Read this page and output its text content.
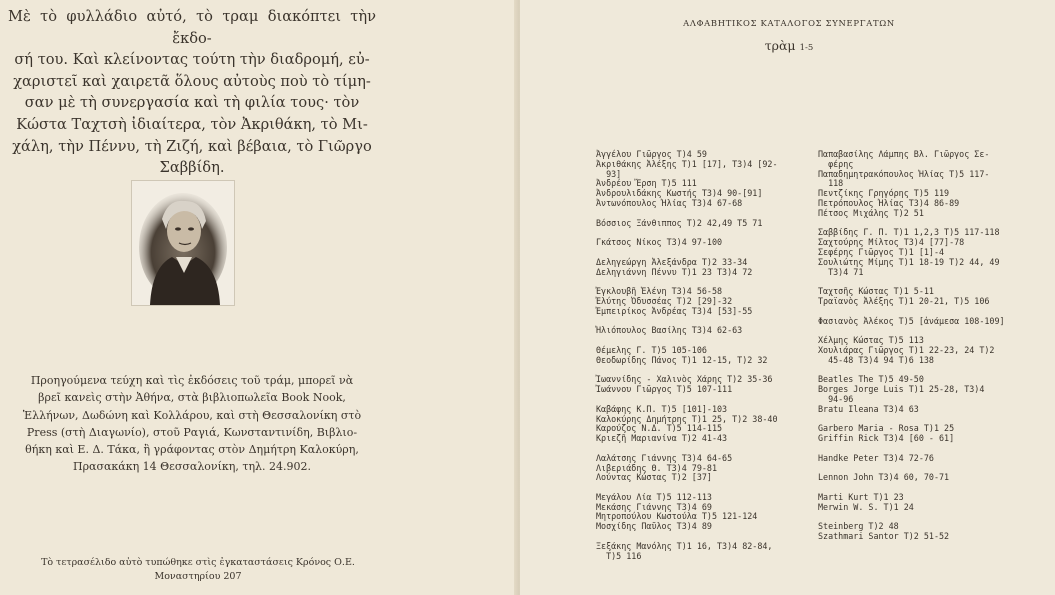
Μὲ τὸ φυλλάδιο αὐτό, τὸ τραμ διακόπτει τὴν ἔκδο-
σή του. Καὶ κλείνοντας τούτη τὴν διαδρομή, εὐ-
χαριστεῖ καὶ χαιρετᾶ ὅλους αὐτοὺς ποὺ τὸ τίμη-
σαν μὲ τὴ συνεργασία καὶ τὴ φιλία τους· τὸν
Κώστα Ταχτσὴ ἰδιαίτερα, τὸν Ἀκριθάκη, τὸ Μι-
χάλη, τὴν Πέννυ, τὴ Ζιζή, καὶ βέβαια, τὸ Γιῶργο
Σαββίδη.

Προηγούμενα τεύχη καὶ τὶς ἐκδόσεις τοῦ τράμ, μπορεῖ νὰ
βρεῖ κανεὶς στὴν Ἀθήνα, στὰ βιβλιοπωλεῖα Book Nook,
Ἑλλήνων, Δωδώνη καὶ Κολλάρου, καὶ στὴ Θεσσαλονίκη στὸ
Press (στὴ Διαγωνίο), στοῦ Ραγιά, Κωνσταντινίδη, Βιβλιο-
θήκη καὶ Ε. Δ. Τάκα, ἢ γράφοντας στὸν Δημήτρη Καλοκύρη,
Πρασακάκη 14 Θεσσαλονίκη, τηλ. 24.902.

Τὸ τετρασέλιδο αὐτὸ τυπώθηκε στὶς ἐγκαταστάσεις Κρόνος Ο.Ε.
Μοναστηρίου 207

ΑΛΦΑΒΗΤΙΚΟΣ ΚΑΤΑΛΟΓΟΣ ΣΥΝΕΡΓΑΤΩΝ
τρὰμ 1-5
Ἀγγέλου Γιῶργος Τ)4 59
Ἀκριθάκης Ἀλέξης Τ)1 [17], Τ3)4 [92-
93]
Ἀνδρέου Ἔρση Τ)5 111
Ἀνδρουλιδάκης Κωστής Τ3)4 90-[91]
Ἀντωνόπουλος Ἠλίας Τ3)4 67-68
Βόσσιος Ξάνθιππος Τ)2 42,49 Τ5 71
Γκάτσος Νίκος Τ3)4 97-100
Δεληγεώργη Ἀλεξάνδρα Τ)2 33-34
Δεληγιάννη Πέννυ Τ)1 23 Τ3)4 72
Ἐγκλουβῆ Ἑλένη Τ3)4 56-58
Ἐλύτης Ὀδυσσέας Τ)2 [29]-32
Ἐμπειρίκος Ἀνδρέας Τ3)4 [53]-55
Ἠλιόπουλος Βασίλης Τ3)4 62-63
Θέμελης Γ. Τ)5 105-106
Θεοδωρίδης Πάνος Τ)1 12-15, Τ)2 32
Ἰωαννίδης - Χαλινὸς Χάρης Τ)2 35-36
Ἰωάννου Γιῶργος Τ)5 107-111
Καβάφης Κ.Π. Τ)5 [101]-103
Καλοκύρης Δημήτρης Τ)1 25, Τ)2 38-40
Καρούζος Ν.Δ. Τ)5 114-115
Κριεζῆ Μαριανίνα Τ)2 41-43
Λαλάτσης Γιάννης Τ3)4 64-65
Λιβεριάδης Θ. Τ3)4 79-81
Λούντας Κώστας Τ)2 [37]
Μεγάλου Λία Τ)5 112-113
Μεκάσης Γιάννης Τ3)4 69
Μητροπούλου Κωστούλα Τ)5 121-124
Μοσχίδης Παῦλος Τ3)4 89
Ξεξάκης Μανόλης Τ)1 16, Τ3)4 82-84,
Τ)5 116
Παπαβασίλης Λάμπης Βλ. Γιῶργος Σε-
φέρης
Παπαδημητρακόπουλος Ἠλίας Τ)5 117-
118
Πεντζίκης Γρηγόρης Τ)5 119
Πετρόπουλος Ἠλίας Τ3)4 86-89
Πέτσος Μιχάλης Τ)2 51
Σαββίδης Γ. Π. Τ)1 1,2,3 Τ)5 117-118
Σαχτούρης Μίλτος Τ3)4 [77]-78
Σεφέρης Γιῶργος Τ)1 [1]-4
Σουλιώτης Μίμης Τ)1 18-19 Τ)2 44, 49
Τ3)4 71
Ταχτσῆς Κώστας Τ)1 5-11
Τραϊανὸς Ἀλέξης Τ)1 20-21, Τ)5 106
Φασιανὸς Ἀλέκος Τ)5 [ἀνάμεσα 108-109]
Χέλμης Κώστας Τ)5 113
Χουλιάρας Γιῶργος Τ)1 22-23, 24 Τ)2
45-48 Τ3)4 94 Τ)6 138
Beatles The Τ)5 49-50
Borges Jorge Luis Τ)1 25-28, Τ3)4
94-96
Bratu Ileana Τ3)4 63
Garbero Maria - Rosa Τ)1 25
Griffin Rick Τ3)4 [60 - 61]
Handke Peter Τ3)4 72-76
Lennon John Τ3)4 60, 70-71
Marti Kurt Τ)1 23
Merwin W. S. Τ)1 24
Steinberg Τ)2 48
Szathmari Santor Τ)2 51-52
